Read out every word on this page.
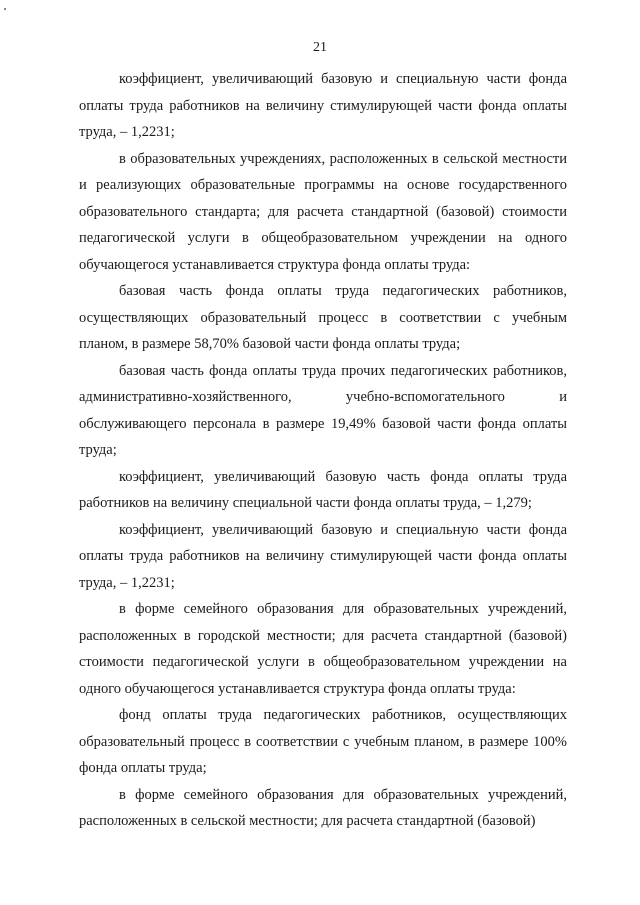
21

коэффициент, увеличивающий базовую и специальную части фонда оплаты труда работников на величину стимулирующей части фонда оплаты труда, – 1,2231;

в образовательных учреждениях, расположенных в сельской местности и реализующих образовательные программы на основе государственного образовательного стандарта; для расчета стандартной (базовой) стоимости педагогической услуги в общеобразовательном учреждении на одного обучающегося устанавливается структура фонда оплаты труда:

базовая часть фонда оплаты труда педагогических работников, осуществляющих образовательный процесс в соответствии с учебным планом, в размере 58,70% базовой части фонда оплаты труда;

базовая часть фонда оплаты труда прочих педагогических работников, административно-хозяйственного, учебно-вспомогательного и обслуживающего персонала в размере 19,49% базовой части фонда оплаты труда;

коэффициент, увеличивающий базовую часть фонда оплаты труда работников на величину специальной части фонда оплаты труда, – 1,279;

коэффициент, увеличивающий базовую и специальную части фонда оплаты труда работников на величину стимулирующей части фонда оплаты труда, – 1,2231;

в форме семейного образования для образовательных учреждений, расположенных в городской местности; для расчета стандартной (базовой) стоимости педагогической услуги в общеобразовательном учреждении на одного обучающегося устанавливается структура фонда оплаты труда:

фонд оплаты труда педагогических работников, осуществляющих образовательный процесс в соответствии с учебным планом, в размере 100% фонда оплаты труда;

в форме семейного образования для образовательных учреждений, расположенных в сельской местности; для расчета стандартной (базовой)
